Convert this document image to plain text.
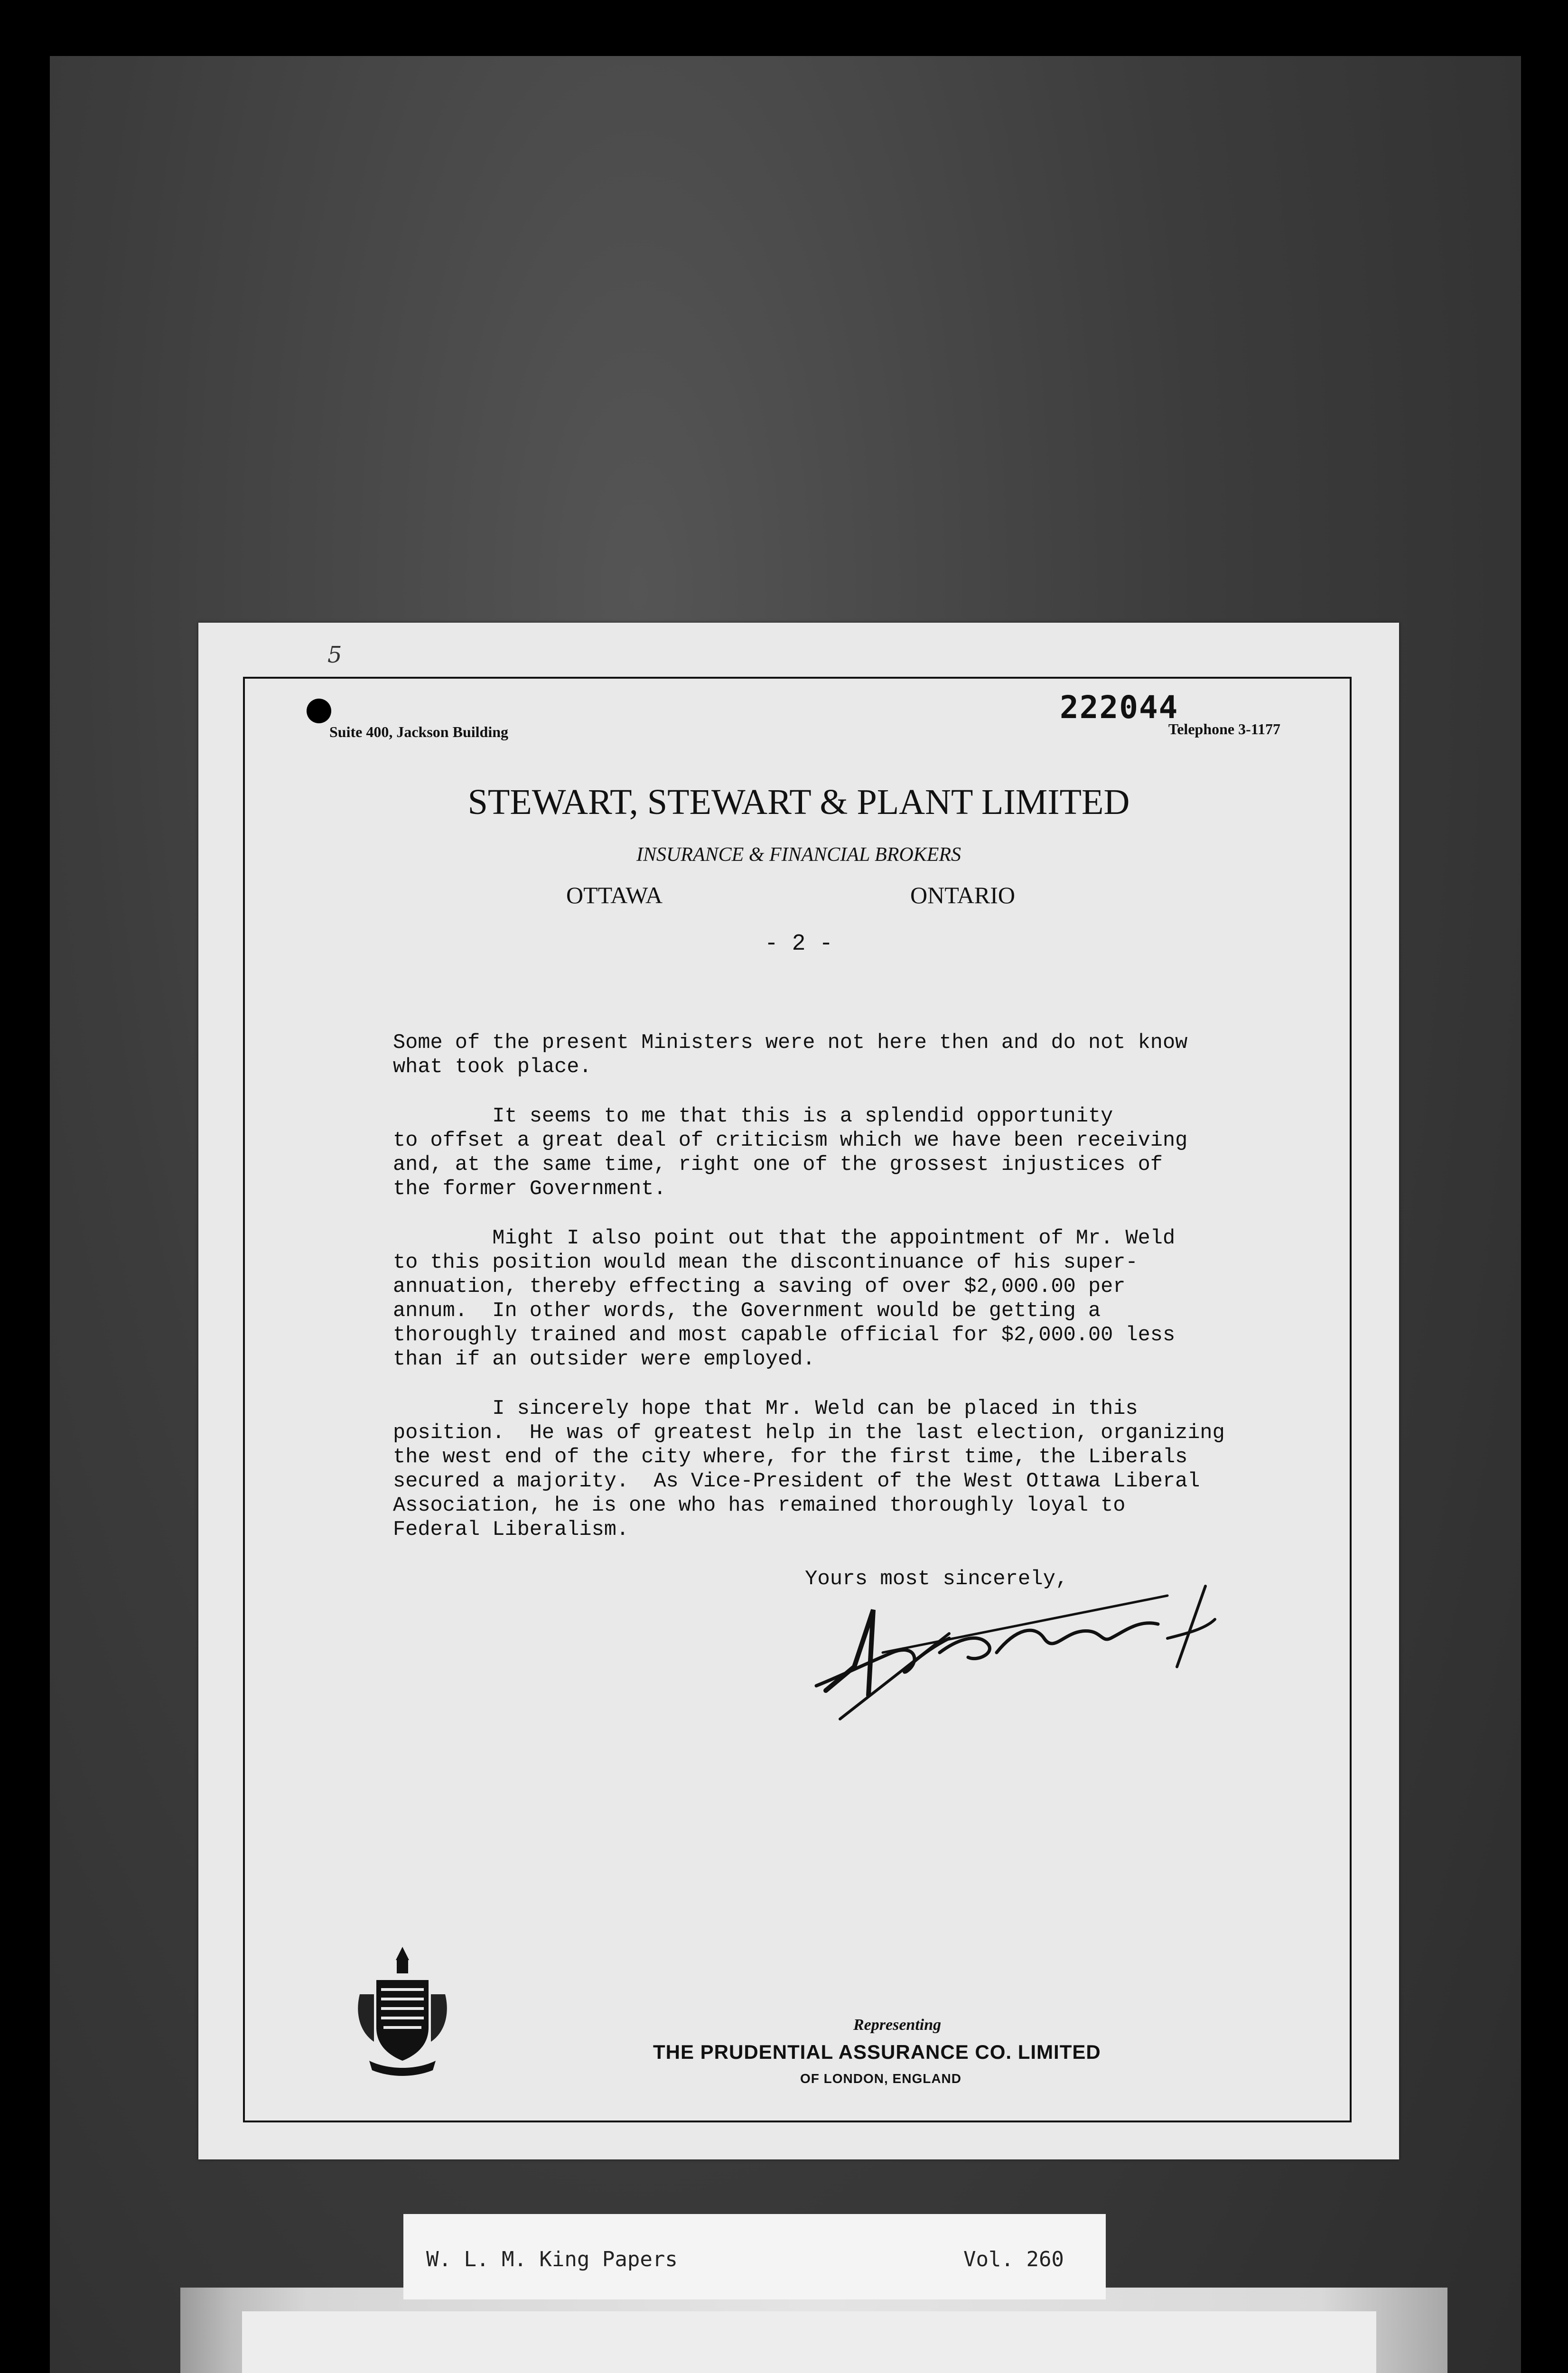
5
Suite 400, Jackson Building
222044
Telephone 3-1177
STEWART, STEWART & PLANT LIMITED
INSURANCE & FINANCIAL BROKERS
OTTAWA	ONTARIO
- 2 -

Some of the present Ministers were not here then and do not know
what took place.

It seems to me that this is a splendid opportunity
to offset a great deal of criticism which we have been receiving
and, at the same time, right one of the grossest injustices of
the former Government.

Might I also point out that the appointment of Mr. Weld
to this position would mean the discontinuance of his super-
annuation, thereby effecting a saving of over $2,000.00 per
annum.  In other words, the Government would be getting a
thoroughly trained and most capable official for $2,000.00 less
than if an outsider were employed.

I sincerely hope that Mr. Weld can be placed in this
position.  He was of greatest help in the last election, organizing
the west end of the city where, for the first time, the Liberals
secured a majority.  As Vice-President of the West Ottawa Liberal
Association, he is one who has remained thoroughly loyal to
Federal Liberalism.

Yours most sincerely,
Representing
THE PRUDENTIAL ASSURANCE CO. LIMITED
OF LONDON, ENGLAND
W. L. M. King Papers	Vol. 260
